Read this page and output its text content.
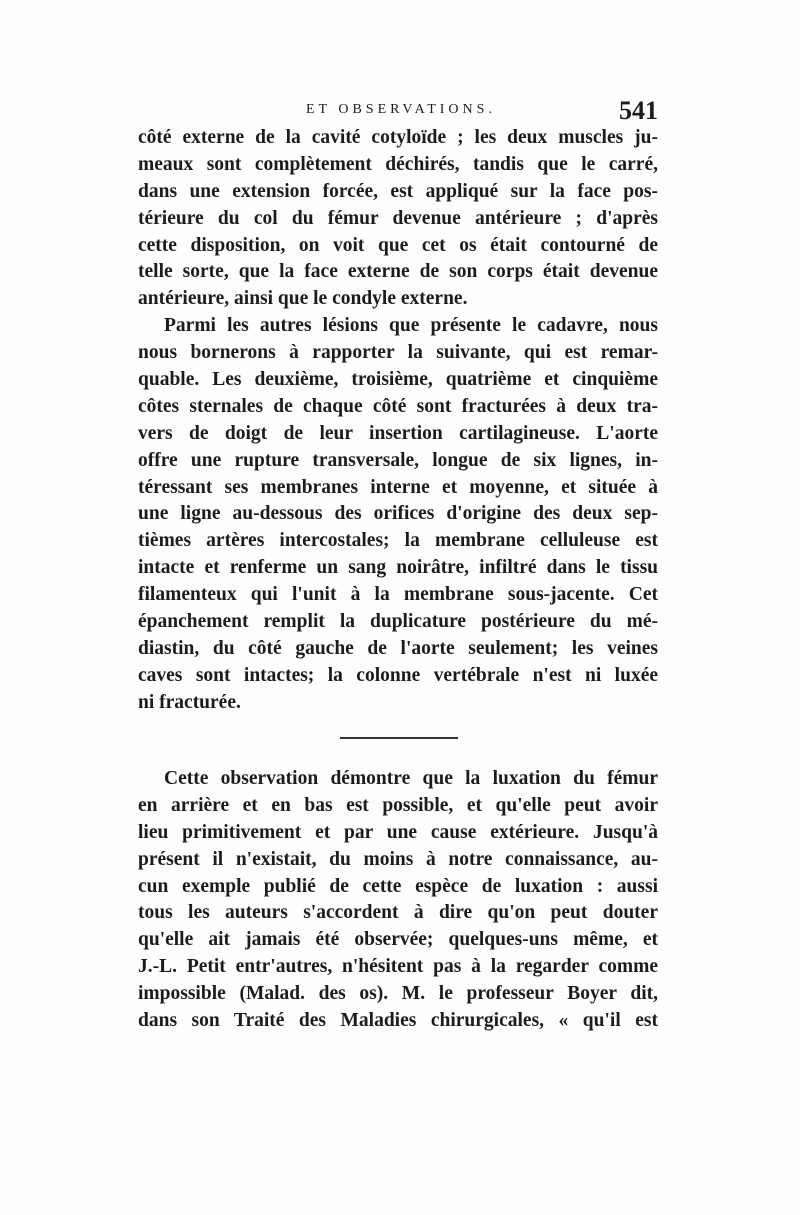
ET OBSERVATIONS.	541
côté externe de la cavité cotyloïde ; les deux muscles ju-
meaux sont complètement déchirés, tandis que le carré,
dans une extension forcée, est appliqué sur la face pos-
térieure du col du fémur devenue antérieure ; d'après
cette disposition, on voit que cet os était contourné de
telle sorte, que la face externe de son corps était devenue
antérieure, ainsi que le condyle externe.
Parmi les autres lésions que présente le cadavre, nous
nous bornerons à rapporter la suivante, qui est remar-
quable. Les deuxième, troisième, quatrième et cinquième
côtes sternales de chaque côté sont fracturées à deux tra-
vers de doigt de leur insertion cartilagineuse. L'aorte
offre une rupture transversale, longue de six lignes, in-
téressant ses membranes interne et moyenne, et située à
une ligne au-dessous des orifices d'origine des deux sep-
tièmes artères intercostales; la membrane celluleuse est
intacte et renferme un sang noirâtre, infiltré dans le tissu
filamenteux qui l'unit à la membrane sous-jacente. Cet
épanchement remplit la duplicature postérieure du mé-
diastin, du côté gauche de l'aorte seulement; les veines
caves sont intactes; la colonne vertébrale n'est ni luxée
ni fracturée.
Cette observation démontre que la luxation du fémur
en arrière et en bas est possible, et qu'elle peut avoir
lieu primitivement et par une cause extérieure. Jusqu'à
présent il n'existait, du moins à notre connaissance, au-
cun exemple publié de cette espèce de luxation : aussi
tous les auteurs s'accordent à dire qu'on peut douter
qu'elle ait jamais été observée; quelques-uns même, et
J.-L. Petit entr'autres, n'hésitent pas à la regarder comme
impossible (Malad. des os). M. le professeur Boyer dit,
dans son Traité des Maladies chirurgicales, « qu'il est
